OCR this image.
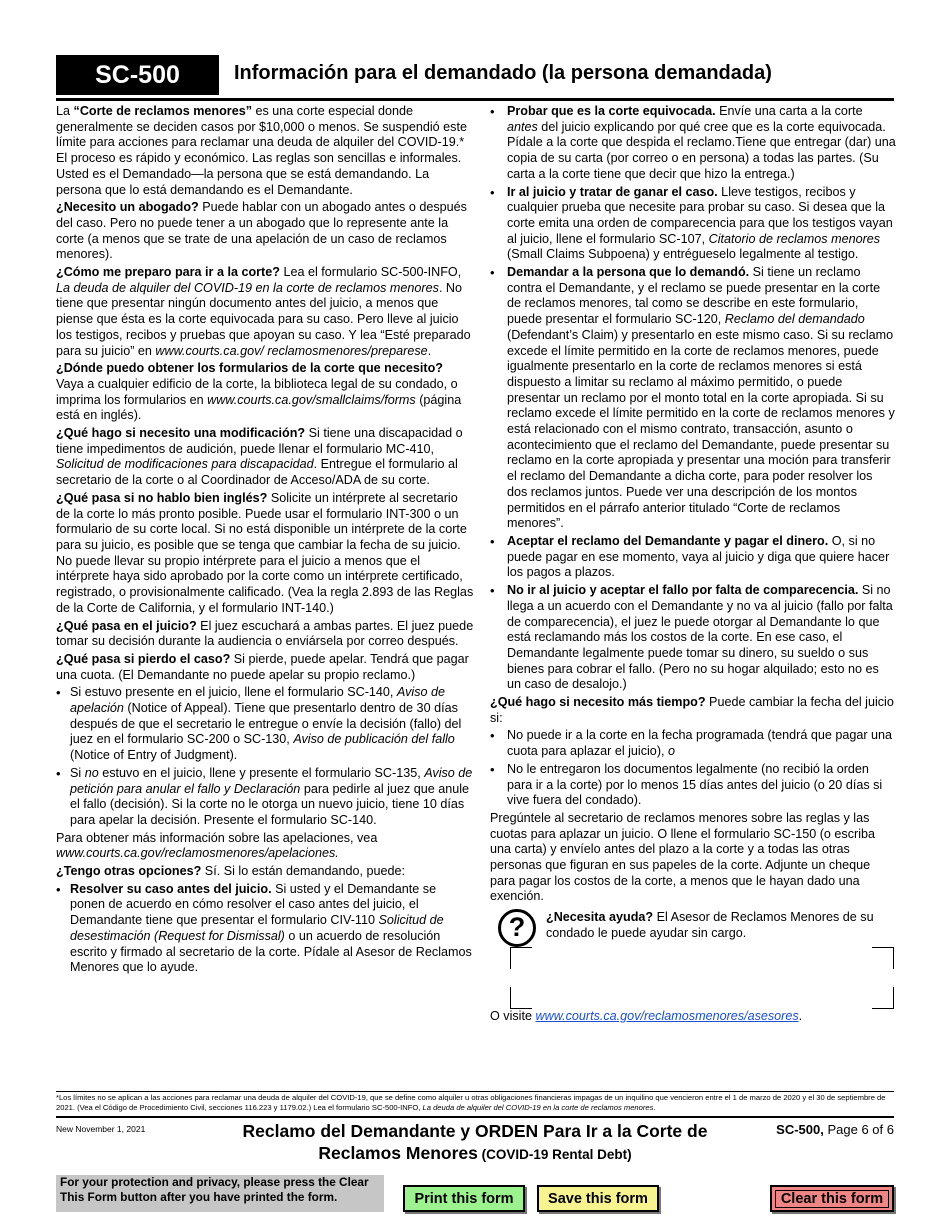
SC-500	Información para el demandado (la persona demandada)

La “Corte de reclamos menores” es una corte especial donde generalmente se deciden casos por $10,000 o menos. Se suspendió este límite para acciones para reclamar una deuda de alquiler del COVID-19.* El proceso es rápido y económico. Las reglas son sencillas e informales. Usted es el Demandado—la persona que se está demandando. La persona que lo está demandando es el Demandante.

¿Necesito un abogado? Puede hablar con un abogado antes o después del caso. Pero no puede tener a un abogado que lo represente ante la corte (a menos que se trate de una apelación de un caso de reclamos menores).

¿Cómo me preparo para ir a la corte? Lea el formulario SC-500-INFO, La deuda de alquiler del COVID-19 en la corte de reclamos menores. No tiene que presentar ningún documento antes del juicio, a menos que piense que ésta es la corte equivocada para su caso. Pero lleve al juicio los testigos, recibos y pruebas que apoyan su caso. Y lea “Esté preparado para su juicio” en www.courts.ca.gov/ reclamosmenores/preparese.

¿Dónde puedo obtener los formularios de la corte que necesito? Vaya a cualquier edificio de la corte, la biblioteca legal de su condado, o imprima los formularios en www.courts.ca.gov/smallclaims/forms (página está en inglés).

¿Qué hago si necesito una modificación? Si tiene una discapacidad o tiene impedimentos de audición, puede llenar el formulario MC-410, Solicitud de modificaciones para discapacidad. Entregue el formulario al secretario de la corte o al Coordinador de Acceso/ADA de su corte.

¿Qué pasa si no hablo bien inglés? Solicite un intérprete al secretario de la corte lo más pronto posible. Puede usar el formulario INT-300 o un formulario de su corte local. Si no está disponible un intérprete de la corte para su juicio, es posible que se tenga que cambiar la fecha de su juicio. No puede llevar su propio intérprete para el juicio a menos que el intérprete haya sido aprobado por la corte como un intérprete certificado, registrado, o provisionalmente calificado. (Vea la regla 2.893 de las Reglas de la Corte de California, y el formulario INT-140.)

¿Qué pasa en el juicio? El juez escuchará a ambas partes. El juez puede tomar su decisión durante la audiencia o enviársela por correo después.

¿Qué pasa si pierdo el caso? Si pierde, puede apelar. Tendrá que pagar una cuota. (El Demandante no puede apelar su propio reclamo.)

• Si estuvo presente en el juicio, llene el formulario SC-140, Aviso de apelación (Notice of Appeal). Tiene que presentarlo dentro de 30 días después de que el secretario le entregue o envíe la decisión (fallo) del juez en el formulario SC-200 o SC-130, Aviso de publicación del fallo (Notice of Entry of Judgment).
• Si no estuvo en el juicio, llene y presente el formulario SC-135, Aviso de petición para anular el fallo y Declaración para pedirle al juez que anule el fallo (decisión). Si la corte no le otorga un nuevo juicio, tiene 10 días para apelar la decisión. Presente el formulario SC-140.

Para obtener más información sobre las apelaciones, vea www.courts.ca.gov/reclamosmenores/apelaciones.

¿Tengo otras opciones? Sí. Si lo están demandando, puede:

• Resolver su caso antes del juicio. Si usted y el Demandante se ponen de acuerdo en cómo resolver el caso antes del juicio, el Demandante tiene que presentar el formulario CIV-110 Solicitud de desestimación (Request for Dismissal) o un acuerdo de resolución escrito y firmado al secretario de la corte. Pídale al Asesor de Reclamos Menores que lo ayude.
• Probar que es la corte equivocada. Envíe una carta a la corte antes del juicio explicando por qué cree que es la corte equivocada. Pídale a la corte que despida el reclamo.Tiene que entregar (dar) una copia de su carta (por correo o en persona) a todas las partes. (Su carta a la corte tiene que decir que hizo la entrega.)
• Ir al juicio y tratar de ganar el caso. Lleve testigos, recibos y cualquier prueba que necesite para probar su caso. Si desea que la corte emita una orden de comparecencia para que los testigos vayan al juicio, llene el formulario SC-107, Citatorio de reclamos menores (Small Claims Subpoena) y entrégueselo legalmente al testigo.
• Demandar a la persona que lo demandó. Si tiene un reclamo contra el Demandante, y el reclamo se puede presentar en la corte de reclamos menores, tal como se describe en este formulario, puede presentar el formulario SC-120, Reclamo del demandado (Defendant’s Claim) y presentarlo en este mismo caso. Si su reclamo excede el límite permitido en la corte de reclamos menores, puede igualmente presentarlo en la corte de reclamos menores si está dispuesto a limitar su reclamo al máximo permitido, o puede presentar un reclamo por el monto total en la corte apropiada. Si su reclamo excede el límite permitido en la corte de reclamos menores y está relacionado con el mismo contrato, transacción, asunto o acontecimiento que el reclamo del Demandante, puede presentar su reclamo en la corte apropiada y presentar una moción para transferir el reclamo del Demandante a dicha corte, para poder resolver los dos reclamos juntos. Puede ver una descripción de los montos permitidos en el párrafo anterior titulado “Corte de reclamos menores”.
• Aceptar el reclamo del Demandante y pagar el dinero. O, si no puede pagar en ese momento, vaya al juicio y diga que quiere hacer los pagos a plazos.
• No ir al juicio y aceptar el fallo por falta de comparecencia. Si no llega a un acuerdo con el Demandante y no va al juicio (fallo por falta de comparecencia), el juez le puede otorgar al Demandante lo que está reclamando más los costos de la corte. En ese caso, el Demandante legalmente puede tomar su dinero, su sueldo o sus bienes para cobrar el fallo. (Pero no su hogar alquilado; esto no es un caso de desalojo.)

¿Qué hago si necesito más tiempo? Puede cambiar la fecha del juicio si:

• No puede ir a la corte en la fecha programada (tendrá que pagar una cuota para aplazar el juicio), o
• No le entregaron los documentos legalmente (no recibió la orden para ir a la corte) por lo menos 15 días antes del juicio (o 20 días si vive fuera del condado).

Pregúntele al secretario de reclamos menores sobre las reglas y las cuotas para aplazar un juicio. O llene el formulario SC-150 (o escriba una carta) y envíelo antes del plazo a la corte y a todas las otras personas que figuran en sus papeles de la corte. Adjunte un cheque para pagar los costos de la corte, a menos que le hayan dado una exención.

?	¿Necesita ayuda? El Asesor de Reclamos Menores de su condado le puede ayudar sin cargo.
O visite www.courts.ca.gov/reclamosmenores/asesores.
*Los límites no se aplican a las acciones para reclamar una deuda de alquiler del COVID-19, que se define como alquiler u otras obligaciones financieras impagas de un inquilino que vencieron entre el 1 de marzo de 2020 y el 30 de septiembre de 2021. (Vea el Código de Procedimiento Civil, secciones 116.223 y 1179.02.) Lea el formulario SC-500-INFO, La deuda de alquiler del COVID-19 en la corte de reclamos menores.
New November 1, 2021	Reclamo del Demandante y ORDEN Para Ir a la Corte de
Reclamos Menores (COVID-19 Rental Debt)
SC-500, Page 6 of 6
For your protection and privacy, please press the Clear This Form button after you have printed the form.	Print this form	Save this form	Clear this form
